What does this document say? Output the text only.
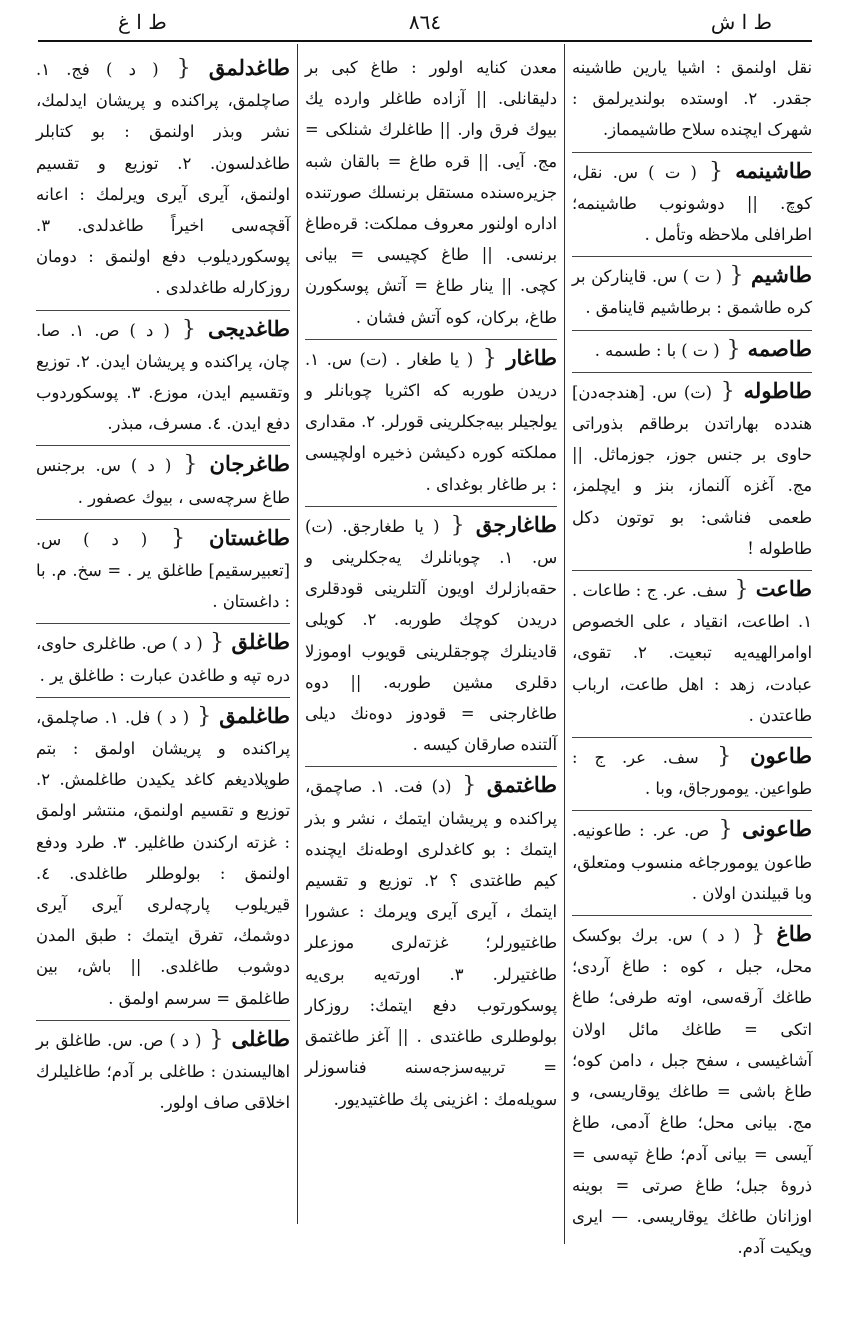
ط ا ش
٨٦٤
ط ا غ

نقل اولنمق : اشیا یارین طاشینه جقدر. ۲. اوستده بولندیرلمق : شهرک ایچنده سلاح طاشیمماز.

طاشینمه { ( ت ) س. نقل، کوچ. || دوشونوب طاشینمه؛ اطرافلی ملاحظه وتأمل .

طاشیم { ( ت ) س. قاینارکن بر کره طاشمق : برطاشیم قاینامق .

طاصمه { ( ت ) با : طسمه .

طاطوله { (ت) س. [هندجه‌دن] هندده بهاراتدن برطاقم بذوراتی حاوی بر جنس جوز، جوزماثل. || مج. آغزه آلنماز، بنز و ایچلمز، طعمی فناشی: بو توتون دکل طاطوله !

طاعت { سف. عر. ج : طاعات . ۱. اطاعت، انقیاد ، علی الخصوص اوامرالهیه‌یه تبعیت. ۲. تقوی، عبادت، زهد : اهل طاعت، ارباب طاعتدن .

طاعون { سف. عر. ج : طواعین. یومورجاق، وبا .

طاعونی { ص. عر. : طاعونیه. طاعون یومورجاغه منسوب ومتعلق، وبا قبیلندن اولان .

طاغ { ( د ) س. برك بوکسک محل، جبل ، کوه : طاغ آردی؛ طاغك آرقه‌سی، اوته طرفی؛ طاغ اتکی = طاغك مائل اولان آشاغیسی ، سفح جبل ، دامن کوه؛ طاغ باشی = طاغك یوقاریسی، و مج. بیانی محل؛ طاغ آدمی، طاغ آیسی = بیانی آدم؛ طاغ تپه‌سی = ذروهٔ جبل؛ طاغ صرتی = بوینه اوزانان طاغك یوقاریسی. — ایری ویکیت آدم.

معدن کنایه اولور : طاغ کبی بر دلیقانلی. || آزاده طاغلر وارده یك بیوك فرق وار. || طاغلرك شنلکی = مج. آیی. || قره طاغ = بالقان شبه جزیره‌سنده مستقل برنسلك صورتنده اداره اولنور معروف مملکت: قره‌طاغ برنسی. || طاغ کچیسی = بیانی کچی. || ینار طاغ = آتش پوسکورن طاغ، برکان، کوه آتش فشان .

طاغار { ( یا طغار . (ت) س. ۱. دریدن طوربه که اکثریا چوبانلر و یولجیلر بیه‌جکلرینی قورلر. ۲. مقداری مملکته کوره دکیشن ذخیره اولچیسی : بر طاغار بوغدای .

طاغارجق { ( یا طغارجق. (ت) س. ۱. چوبانلرك یه‌جکلرینی و حقه‌بازلرك اویون آلتلرینی قودقلری دریدن کوچك طوربه. ۲. کویلی قادینلرك چوجقلرینی قویوب اوموزلا دقلری مشین طوربه. || دوه طاغارجنی = قودوز دوه‌نك دیلی آلتنده صارقان کیسه .

طاغتمق { (د) فت. ۱. صاچمق، پراکنده و پریشان ایتمك ، نشر و بذر ایتمك : بو کاغدلری اوطه‌نك ایچنده کیم طاغتدی ؟ ۲. توزیع و تقسیم ایتمك ، آیری آیری ویرمك : عشورا طاغتیورلر؛ غزته‌لری موزعلر طاغتیرلر. ۳. اورته‌یه بری‌یه پوسکورتوب دفع ایتمك: روزکار بولوطلری طاغتدی . || آغز طاغتمق = تربیه‌سزجه‌سنه فناسوزلر سویله‌مك : اغزینی پك طاغتیدیور.

طاغدلمق { ( د ) فج. ۱. صاچلمق، پراکنده و پریشان ایدلمك، نشر وبذر اولنمق : بو کتابلر طاغدلسون. ۲. توزیع و تقسیم اولنمق، آیری آیری ویرلمك : اعانه آقچه‌سی اخیراً طاغدلدی. ۳. پوسکوردیلوب دفع اولنمق : دومان روزکارله طاغدلدی .

طاغدیجی { ( د ) ص. ۱. صا. چان، پراکنده و پریشان ایدن. ۲. توزیع وتقسیم ایدن، موزع. ۳. پوسکوردوب دفع ایدن. ٤. مسرف، مبذر.

طاغرجان { ( د ) س. برجنس طاغ سرچه‌سی ، بیوك عصفور .

طاغستان { ( د ) س. [تعبیرسقیم] طاغلق یر . = سخ. م. با : داغستان .

طاغلق { ( د ) ص. طاغلری حاوی، دره تپه و طاغدن عبارت : طاغلق یر .

طاغلمق { ( د ) فل. ۱. صاچلمق، پراکنده و پریشان اولمق : بتم طوپلادیغم کاغد یکیدن طاغلمش. ۲. توزیع و تقسیم اولنمق، منتشر اولمق : غزته ارکندن طاغلیر. ۳. طرد ودفع اولنمق : بولوطلر طاغلدی. ٤. قیریلوب پارچه‌لری آیری آیری دوشمك، تفرق ایتمك : طبق المدن دوشوب طاغلدی. || باش، بین طاغلمق = سرسم اولمق .

طاغلی { ( د ) ص. س. طاغلق بر اهالیسندن : طاغلی بر آدم؛ طاغلیلرك اخلاقی صاف اولور.
